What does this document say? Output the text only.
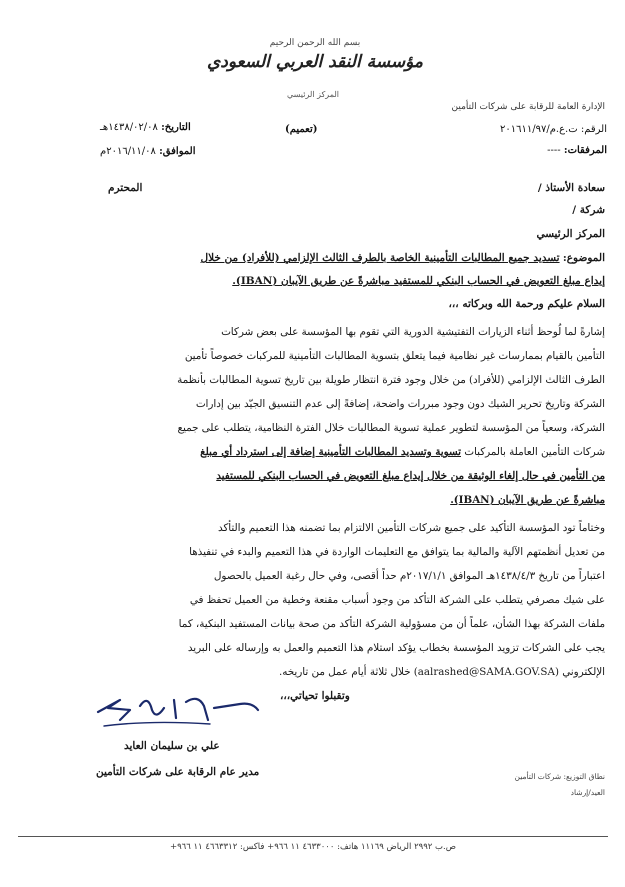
بسم الله الرحمن الرحيم
مؤسسة النقد العربي السعودي
المركز الرئيسي
الإدارة العامة للرقابة على شركات التأمين
الرقم: ت.ع.م/٢٠١٦١١/٩٧
المرفقات: ----
(تعميم)
التاريخ: ١٤٣٨/٠٢/٠٨هـ
الموافق: ٢٠١٦/١١/٠٨م
سعادة الأستاذ /
المحترم
شركة /
المركز الرئيسي
الموضوع: تسديد جميع المطالبات التأمينية الخاصة بالطرف الثالث الإلزامي (للأفراد) من خلال
إيداع مبلغ التعويض في الحساب البنكي للمستفيد مباشرةً عن طريق الآيبان (IBAN).
السلام عليكم ورحمة الله وبركاته ،،،
إشارةً لما لُوحظ أثناء الزيارات التفتيشية الدورية التي تقوم بها المؤسسة على بعض شركات
التأمين بالقيام بممارسات غير نظامية فيما يتعلق بتسوية المطالبات التأمينية للمركبات خصوصاً تأمين
الطرف الثالث الإلزامي (للأفراد) من خلال وجود فترة انتظار طويلة بين تاريخ تسوية المطالبات بأنظمة
الشركة وتاريخ تحرير الشيك دون وجود مبررات واضحة، إضافةً إلى عدم التنسيق الجيّد بين إدارات
الشركة، وسعياً من المؤسسة لتطوير عملية تسوية المطالبات خلال الفترة النظامية، يتطلب على جميع
شركات التأمين العاملة بالمركبات تسوية وتسديد المطالبات التأمينية إضافة إلى استرداد أي مبلغ
من التأمين في حال إلغاء الوثيقة من خلال إيداع مبلغ التعويض في الحساب البنكي للمستفيد
مباشرةً عن طريق الآيبان (IBAN).
وختاماً تود المؤسسة التأكيد على جميع شركات التأمين الالتزام بما تضمنه هذا التعميم والتأكد
من تعديل أنظمتهم الآلية والمالية بما يتوافق مع التعليمات الواردة في هذا التعميم والبدء في تنفيذها
اعتباراً من تاريخ ١٤٣٨/٤/٣هـ الموافق ٢٠١٧/١/١م حداً أقصى، وفي حال رغبة العميل بالحصول
على شيك مصرفي يتطلب على الشركة التأكد من وجود أسباب مقنعة وخطية من العميل تحفظ في
ملفات الشركة بهذا الشأن، علماً أن من مسؤولية الشركة التأكد من صحة بيانات المستفيد البنكية، كما
يجب على الشركات تزويد المؤسسة بخطاب يؤكد استلام هذا التعميم والعمل به وإرساله على البريد
الإلكتروني (aalrashed@SAMA.GOV.SA) خلال ثلاثة أيام عمل من تاريخه.
وتقبلوا تحياتي،،،
علي بن سليمان العايد
مدير عام الرقابة على شركات التأمين	نطاق التوزيع: شركات التأمين
العيد/إرشاد
ص.ب ٢٩٩٢ الرياض ١١١٦٩ هاتف: ٤٦٣٣٠٠٠ ١١ ٩٦٦+ فاكس: ٤٦٦٣٣١٢ ١١ ٩٦٦+
